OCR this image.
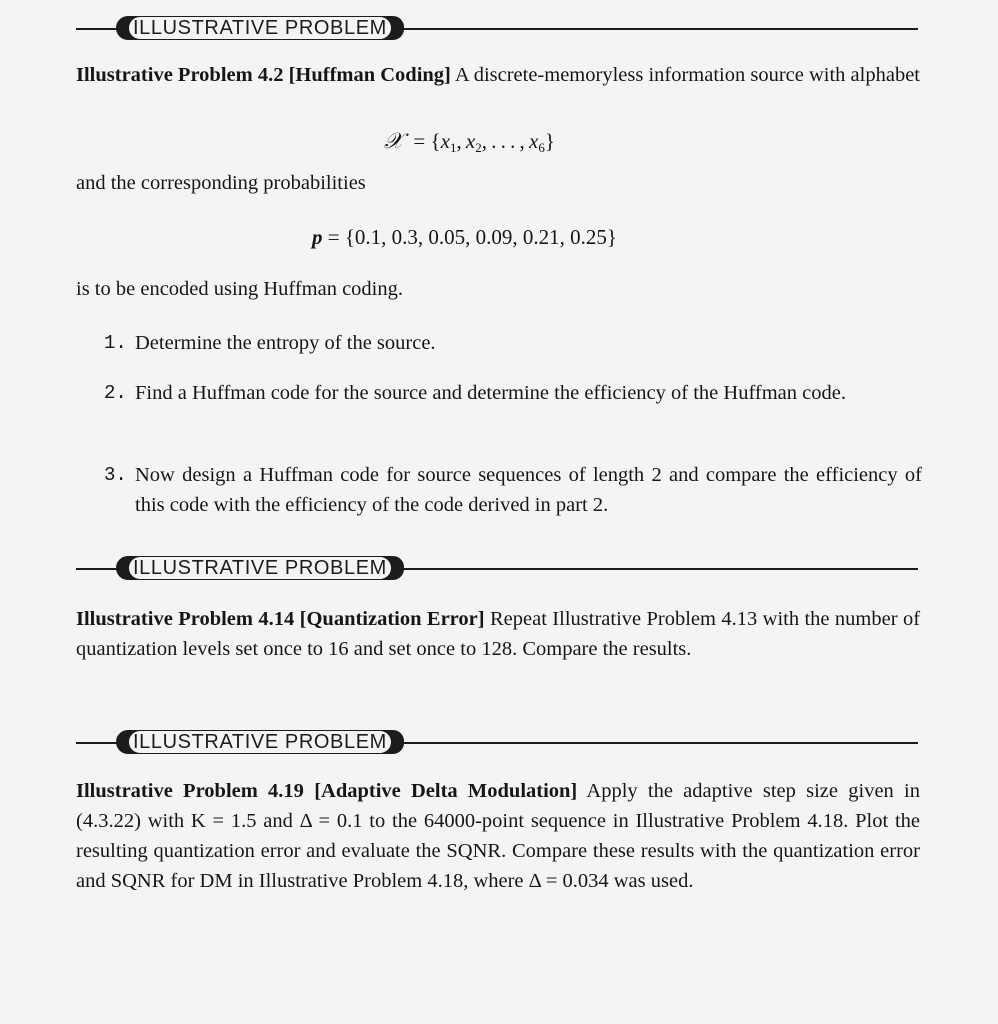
ILLUSTRATIVE PROBLEM
Illustrative Problem 4.2 [Huffman Coding] A discrete-memoryless information source with alphabet
𝒳  = {$x_1$, $x_2$, . . . , $x_6$}
and the corresponding probabilities
p = {0.1, 0.3, 0.05, 0.09, 0.21, 0.25}
is to be encoded using Huffman coding.
1. Determine the entropy of the source.
2. Find a Huffman code for the source and determine the efficiency of the Huffman code.
3. Now design a Huffman code for source sequences of length 2 and compare the efficiency of this code with the efficiency of the code derived in part 2.
ILLUSTRATIVE PROBLEM
Illustrative Problem 4.14 [Quantization Error] Repeat Illustrative Problem 4.13 with the number of quantization levels set once to 16 and set once to 128. Compare the results.
ILLUSTRATIVE PROBLEM
Illustrative Problem 4.19 [Adaptive Delta Modulation] Apply the adaptive step size given in (4.3.22) with K = 1.5 and Δ = 0.1 to the 64000-point sequence in Illustrative Problem 4.18. Plot the resulting quantization error and evaluate the SQNR. Compare these results with the quantization error and SQNR for DM in Illustrative Problem 4.18, where Δ = 0.034 was used.
